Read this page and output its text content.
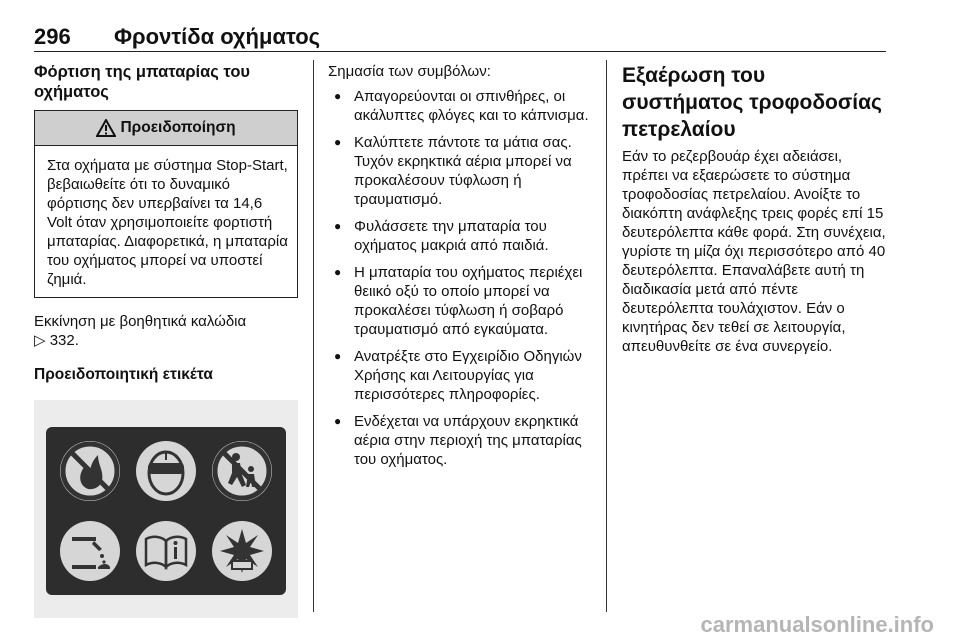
296 Φροντίδα οχήματος

Φόρτιση της μπαταρίας του οχήματος

Προειδοποίηση
Στα οχήματα με σύστημα Stop-Start, βεβαιωθείτε ότι το δυναμικό φόρτισης δεν υπερβαίνει τα 14,6 Volt όταν χρησιμοποιείτε φορτιστή μπαταρίας. Διαφορετικά, η μπαταρία του οχήματος μπορεί να υποστεί ζημιά.

Εκκίνηση με βοηθητικά καλώδια
▷ 332.

Προειδοποιητική ετικέτα

Σημασία των συμβόλων:

● Απαγορεύονται οι σπινθήρες, οι ακάλυπτες φλόγες και το κάπνισμα.
● Καλύπτετε πάντοτε τα μάτια σας. Τυχόν εκρηκτικά αέρια μπορεί να προκαλέσουν τύφλωση ή τραυματισμό.
● Φυλάσσετε την μπαταρία του οχήματος μακριά από παιδιά.
● Η μπαταρία του οχήματος περιέχει θειικό οξύ το οποίο μπορεί να προκαλέσει τύφλωση ή σοβαρό τραυματισμό από εγκαύματα.
● Ανατρέξτε στο Εγχειρίδιο Οδηγιών Χρήσης και Λειτουργίας για περισσότερες πληροφορίες.
● Ενδέχεται να υπάρχουν εκρηκτικά αέρια στην περιοχή της μπαταρίας του οχήματος.

Εξαέρωση του συστήματος τροφοδοσίας πετρελαίου

Εάν το ρεζερβουάρ έχει αδειάσει, πρέπει να εξαερώσετε το σύστημα τροφοδοσίας πετρελαίου. Ανοίξτε το διακόπτη ανάφλεξης τρεις φορές επί 15 δευτερόλεπτα κάθε φορά. Στη συνέχεια, γυρίστε τη μίζα όχι περισσότερο από 40 δευτερόλεπτα. Επαναλάβετε αυτή τη διαδικασία μετά από πέντε δευτερόλεπτα τουλάχιστον. Εάν ο κινητήρας δεν τεθεί σε λειτουργία, απευθυνθείτε σε ένα συνεργείο.

carmanualsonline.info
